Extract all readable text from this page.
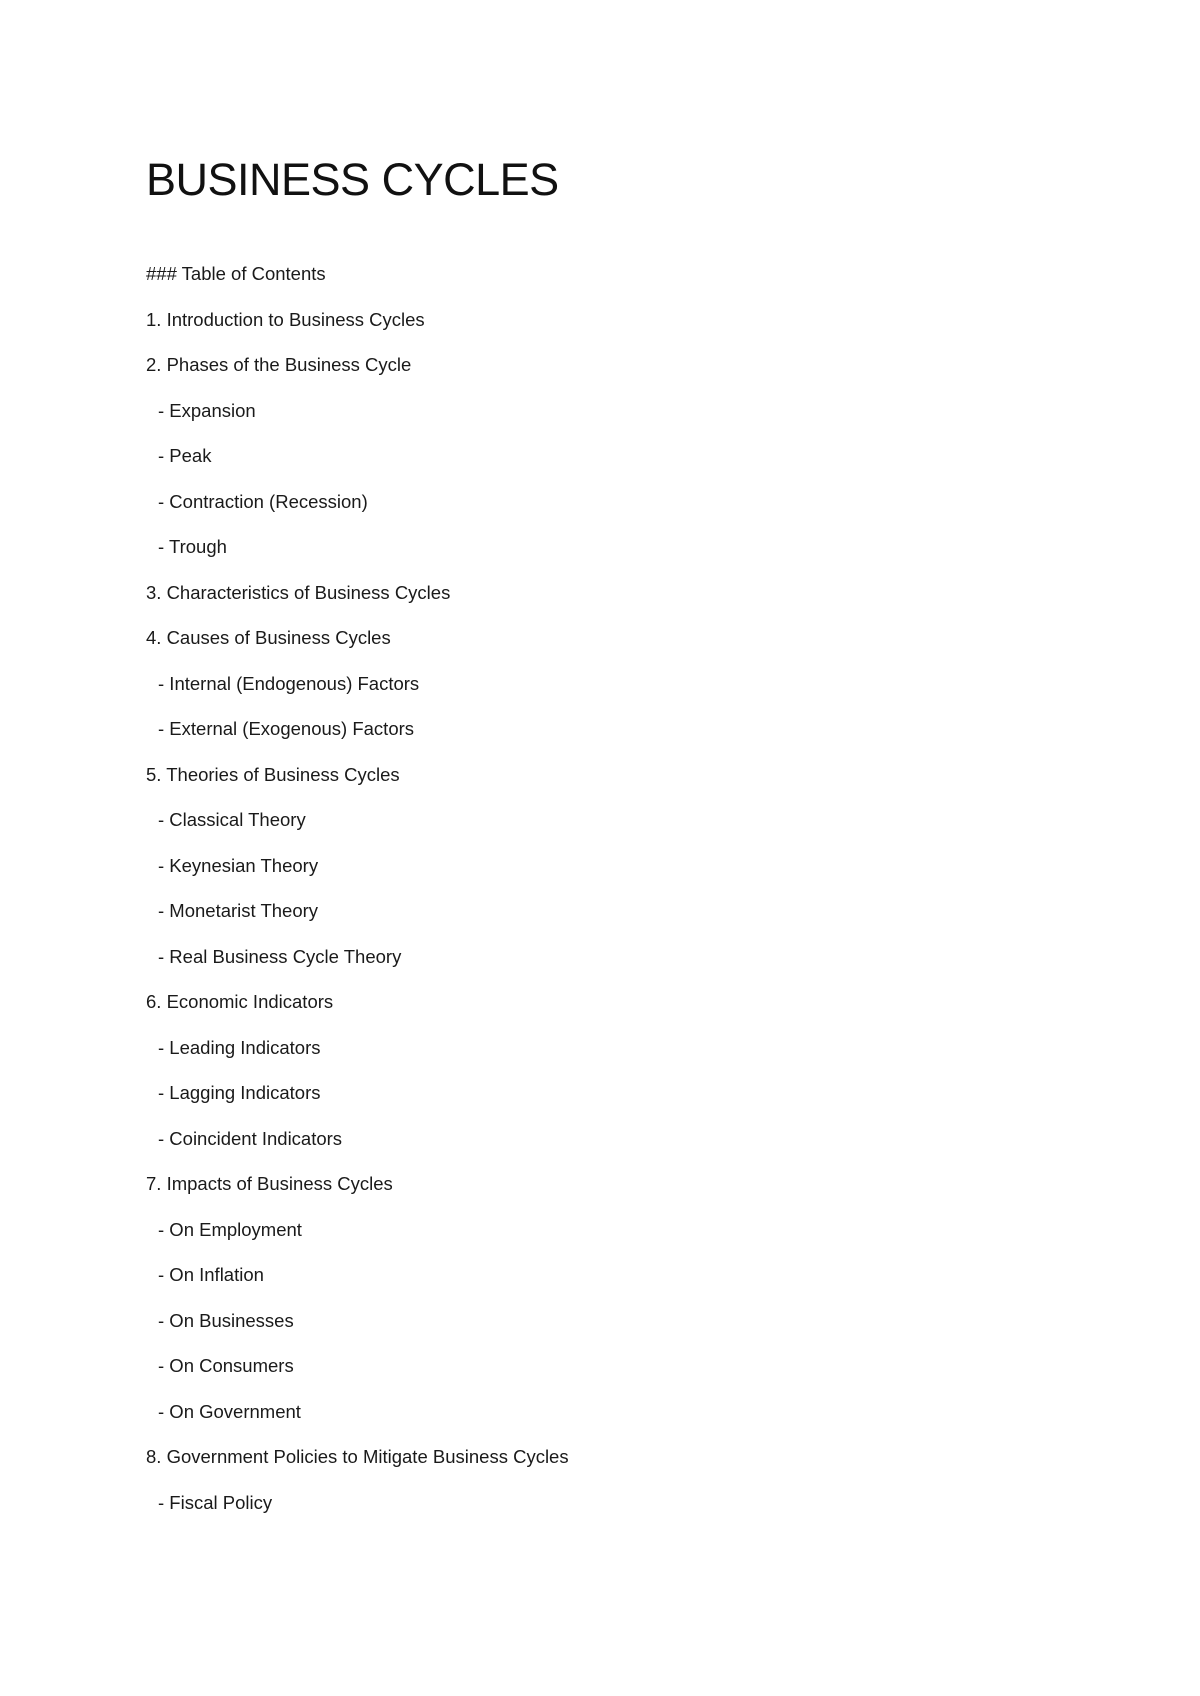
BUSINESS CYCLES
### Table of Contents
1. Introduction to Business Cycles
2. Phases of the Business Cycle
- Expansion
- Peak
- Contraction (Recession)
- Trough
3. Characteristics of Business Cycles
4. Causes of Business Cycles
- Internal (Endogenous) Factors
- External (Exogenous) Factors
5. Theories of Business Cycles
- Classical Theory
- Keynesian Theory
- Monetarist Theory
- Real Business Cycle Theory
6. Economic Indicators
- Leading Indicators
- Lagging Indicators
- Coincident Indicators
7. Impacts of Business Cycles
- On Employment
- On Inflation
- On Businesses
- On Consumers
- On Government
8. Government Policies to Mitigate Business Cycles
- Fiscal Policy
